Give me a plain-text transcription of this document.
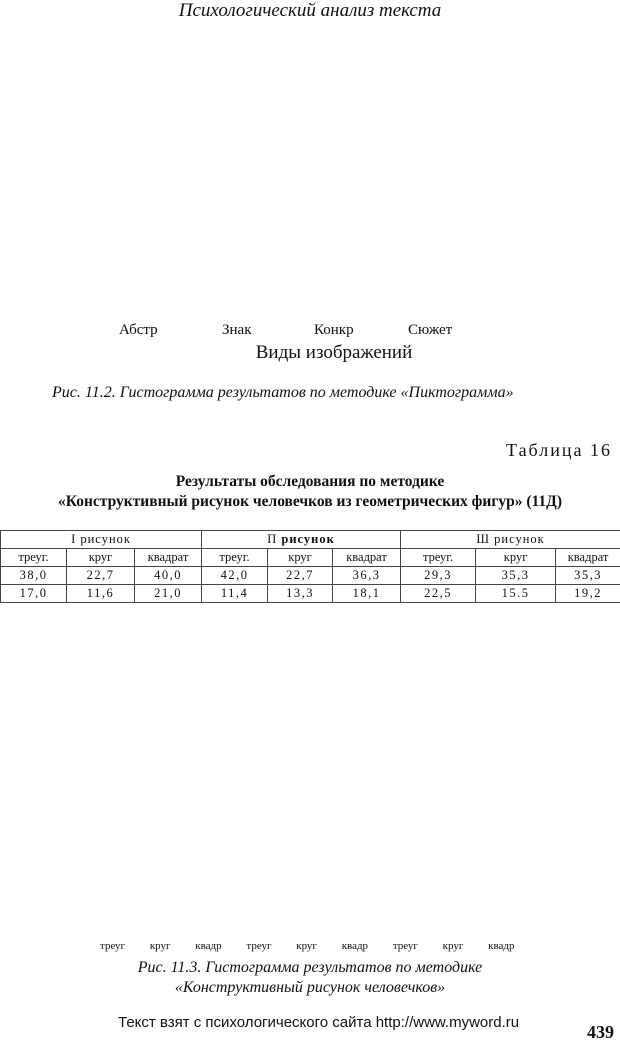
Психологический анализ текста
Абстр	Знак	Конкр	Сюжет
Виды изображений
Рис. 11.2. Гистограмма результатов по методике «Пиктограмма»
Таблица 16
Результаты обследования по методике
«Конструктивный рисунок человечков из геометрических фигур» (11Д)
I рисунок			П рисунок			Ш рисунок		
треуг.	круг	квадрат	треуг.	круг	квадрат	треуг.	круг	квадрат
38,0	22,7	40,0	42,0	22,7	36,3	29,3	35,3	35,3
17,0	11,6	21,0	11,4	13,3	18,1	22,5	15.5	19,2
треуг круг квадр треуг круг квадр треуг круг квадр
Рис. 11.3. Гистограмма результатов по методике
«Конструктивный рисунок человечков»
Текст взят с психологического сайта http://www.myword.ru	439
